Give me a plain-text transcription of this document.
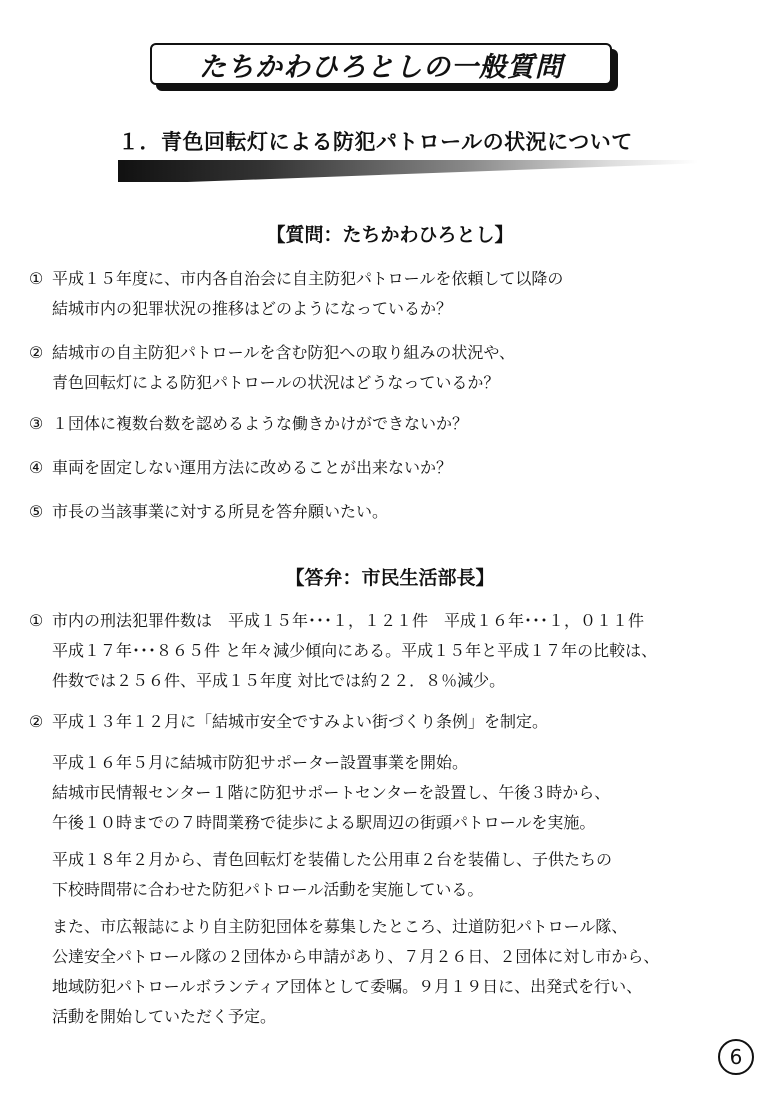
たちかわひろとしの一般質問
１．青色回転灯による防犯パトロールの状況について
【質問：たちかわひろとし】
① 平成１５年度に、市内各自治会に自主防犯パトロールを依頼して以降の
結城市内の犯罪状況の推移はどのようになっているか？
② 結城市の自主防犯パトロールを含む防犯への取り組みの状況や、
青色回転灯による防犯パトロールの状況はどうなっているか？
③ １団体に複数台数を認めるような働きかけができないか？
④ 車両を固定しない運用方法に改めることが出来ないか？
⑤ 市長の当該事業に対する所見を答弁願いたい。
【答弁：市民生活部長】
① 市内の刑法犯罪件数は　平成１５年･･･１，１２１件　平成１６年･･･１，０１１件
平成１７年･･･８６５件 と年々減少傾向にある。平成１５年と平成１７年の比較は、
件数では２５６件、平成１５年度 対比では約２２．８％減少。
② 平成１３年１２月に「結城市安全ですみよい街づくり条例」を制定。
平成１６年５月に結城市防犯サポーター設置事業を開始。
結城市民情報センター１階に防犯サポートセンターを設置し、午後３時から、
午後１０時までの７時間業務で徒歩による駅周辺の街頭パトロールを実施。
平成１８年２月から、青色回転灯を装備した公用車２台を装備し、子供たちの
下校時間帯に合わせた防犯パトロール活動を実施している。
また、市広報誌により自主防犯団体を募集したところ、辻道防犯パトロール隊、
公達安全パトロール隊の２団体から申請があり、７月２６日、２団体に対し市から、
地域防犯パトロールボランティア団体として委嘱。９月１９日に、出発式を行い、
活動を開始していただく予定。
6
